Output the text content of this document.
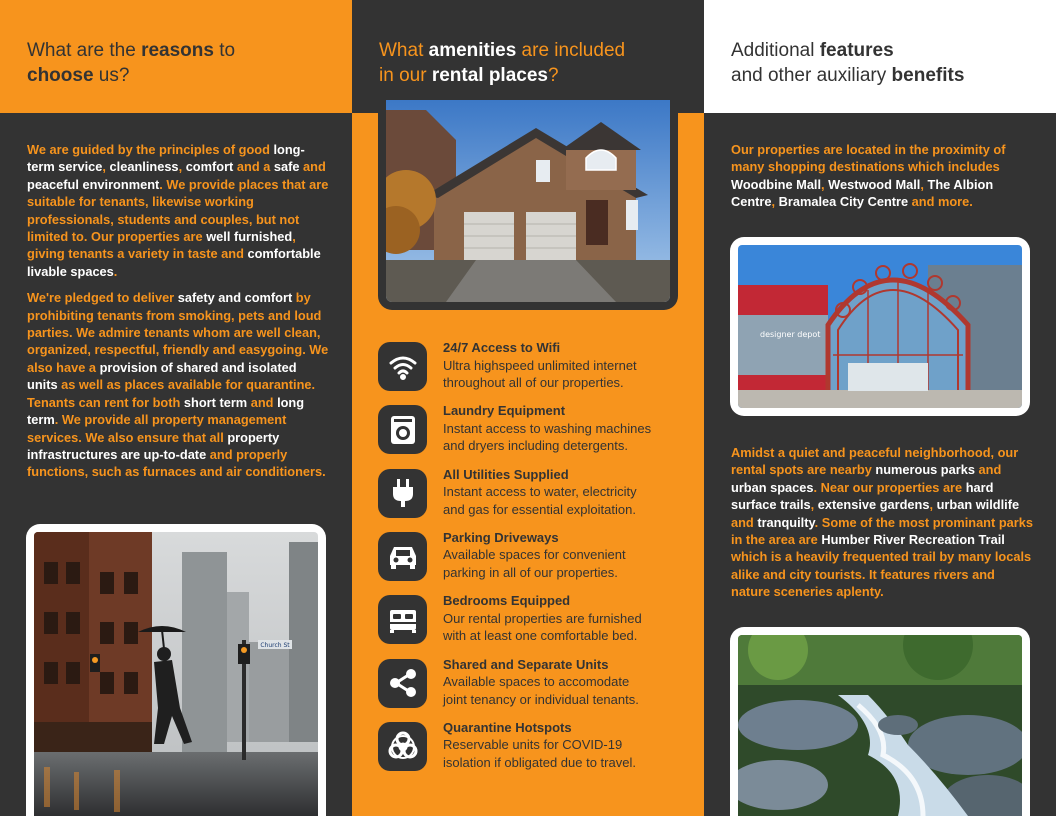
What are the reasons to
choose us?

We are guided by the principles of good long-term service, cleanliness, comfort and a safe and peaceful environment. We provide places that are suitable for tenants, likewise working professionals, students and couples, but not limited to. Our properties are well furnished, giving tenants a variety in taste and comfortable livable spaces.

We're pledged to deliver safety and comfort by prohibiting tenants from smoking, pets and loud parties. We admire tenants whom are well clean, organized, respectful, friendly and easygoing. We also have a provision of shared and isolated units as well as places available for quarantine. Tenants can rent for both short term and long term. We provide all property management services. We also ensure that all property infrastructures are up-to-date and properly functions, such as furnaces and air conditioners.

Church St
What amenities are included
in our rental places?
24/7 Access to Wifi
Ultra highspeed unlimited internet
throughout all of our properties.
Laundry Equipment
Instant access to washing machines
and dryers including detergents.
All Utilities Supplied
Instant access to water, electricity
and gas for essential exploitation.
Parking Driveways
Available spaces for convenient
parking in all of our properties.
Bedrooms Equipped
Our rental properties are furnished
with at least one comfortable bed.
Shared and Separate Units
Available spaces to accomodate
joint tenancy or individual tenants.
Quarantine Hotspots
Reservable units for COVID-19
isolation if obligated due to travel.
Additional features
and other auxiliary benefits

Our properties are located in the proximity of many shopping destinations which includes Woodbine Mall, Westwood Mall, The Albion Centre, Bramalea City Centre and more.

designer depot

Amidst a quiet and peaceful neighborhood, our rental spots are nearby numerous parks and urban spaces. Near our properties are hard surface trails, extensive gardens, urban wildlife and tranquilty. Some of the most prominant parks in the area are Humber River Recreation Trail which is a heavily frequented trail by many locals alike and city tourists. It features rivers and nature sceneries aplenty.
